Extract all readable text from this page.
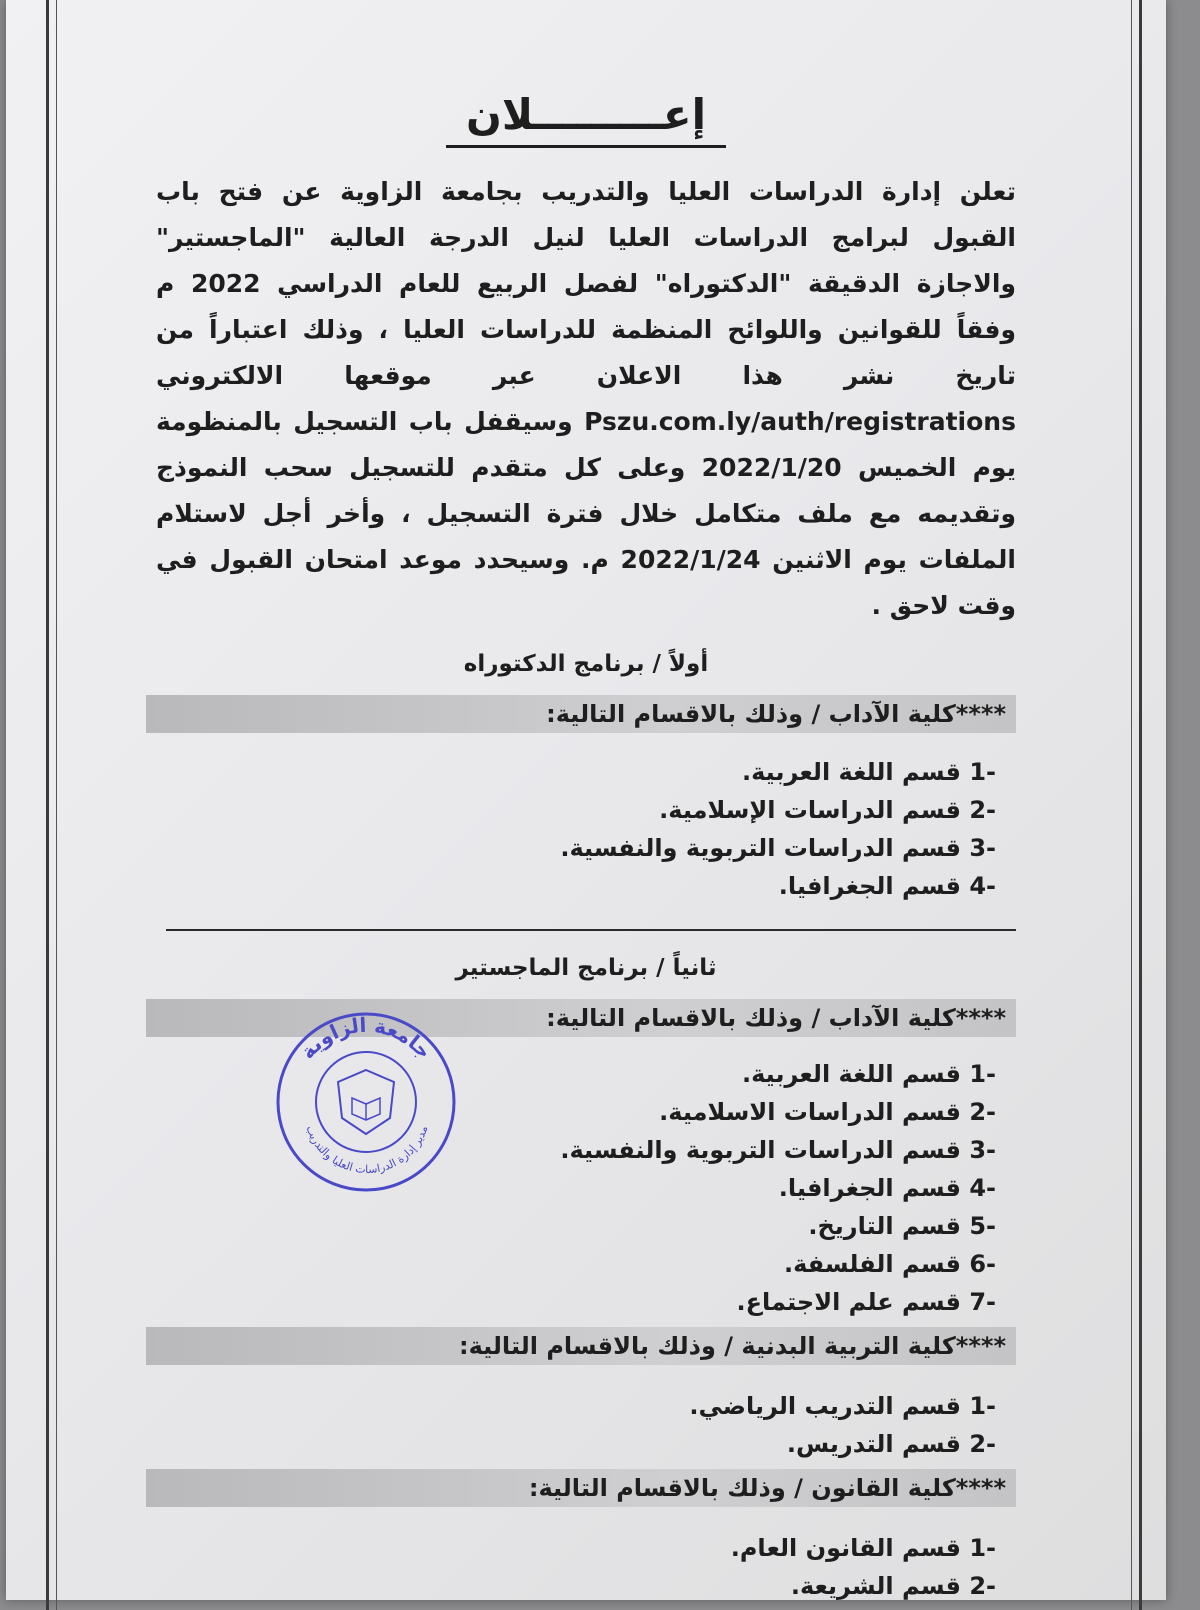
إعـــــــــلان

تعلن إدارة الدراسات العليا والتدريب بجامعة الزاوية عن فتح باب القبول لبرامج الدراسات العليا لنيل الدرجة العالية "الماجستير" والاجازة الدقيقة "الدكتوراه" لفصل الربيع للعام الدراسي 2022 م وفقاً للقوانين واللوائح المنظمة للدراسات العليا ، وذلك اعتباراً من تاريخ نشر هذا الاعلان عبر موقعها الالكتروني Pszu.com.ly/auth/registrations وسيقفل باب التسجيل بالمنظومة يوم الخميس 2022/1/20 وعلى كل متقدم للتسجيل سحب النموذج وتقديمه مع ملف متكامل خلال فترة التسجيل ، وأخر أجل لاستلام الملفات يوم الاثنين 2022/1/24 م. وسيحدد موعد امتحان القبول في وقت لاحق .

أولاً / برنامج الدكتوراه

****كلية الآداب / وذلك بالاقسام التالية:
-1 قسم اللغة العربية.
-2 قسم الدراسات الإسلامية.
-3 قسم الدراسات التربوية والنفسية.
-4 قسم الجغرافيا.

ثانياً / برنامج الماجستير

****كلية الآداب / وذلك بالاقسام التالية:
-1 قسم اللغة العربية.
-2 قسم الدراسات الاسلامية.
-3 قسم الدراسات التربوية والنفسية.
-4 قسم الجغرافيا.
-5 قسم التاريخ.
-6 قسم الفلسفة.
-7 قسم علم الاجتماع.
****كلية التربية البدنية / وذلك بالاقسام التالية:
-1 قسم التدريب الرياضي.
-2 قسم التدريس.
****كلية القانون / وذلك بالاقسام التالية:
-1 قسم القانون العام.
-2 قسم الشريعة.
جامعة الزاوية
مدير إدارة الدراسات العليا والتدريب
